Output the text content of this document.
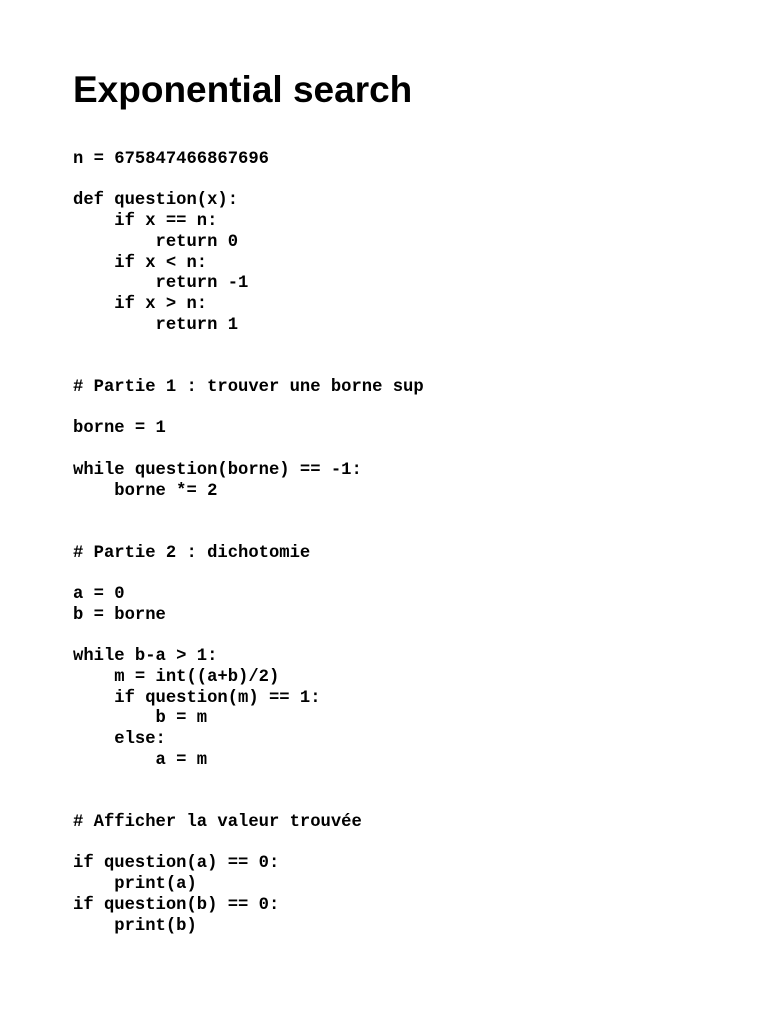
Exponential search
n = 675847466867696
def question(x):
if x == n:
return 0
if x < n:
return -1
if x > n:
return 1
# Partie 1 : trouver une borne sup
borne = 1
while question(borne) == -1:
borne *= 2
# Partie 2 : dichotomie
a = 0
b = borne
while b-a > 1:
m = int((a+b)/2)
if question(m) == 1:
b = m
else:
a = m
# Afficher la valeur trouvée
if question(a) == 0:
print(a)
if question(b) == 0:
print(b)
